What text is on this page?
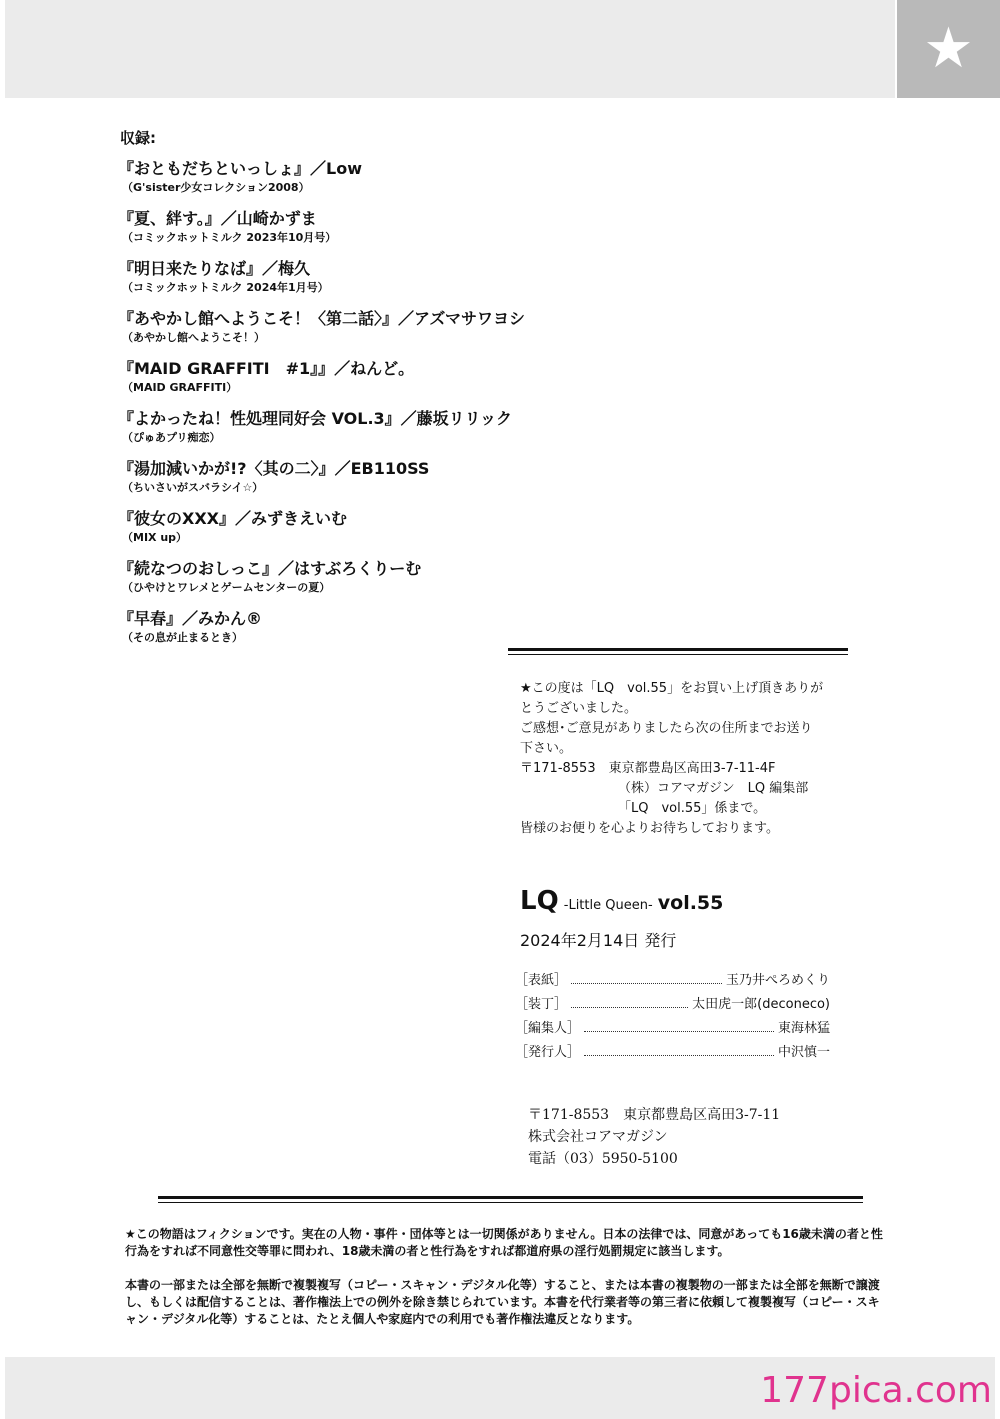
★
収録:
『おともだちといっしょ』／Low
（G'sister少女コレクション2008）
『夏、絆す。』／山崎かずま
（コミックホットミルク 2023年10月号）
『明日来たりなば』／梅久
（コミックホットミルク 2024年1月号）
『あやかし館へようこそ！〈第二話〉』／アズマサワヨシ
（あやかし館へようこそ！）
『MAID GRAFFITI　#1』』／ねんど。
（MAID GRAFFITI）
『よかったね！性処理同好会 VOL.3』／藤坂リリック
（ぴゅあプリ痴恋）
『湯加減いかが!?〈其の二〉』／EB110SS
（ちいさいがスバラシイ☆）
『彼女のXXX』／みずきえいむ
（MIX up）
『続なつのおしっこ』／はすぶろくりーむ
（ひやけとワレメとゲームセンターの夏）
『早春』／みかん®
（その息が止まるとき）

★この度は「LQ　vol.55」をお買い上げ頂きありが

とうございました。

ご感想･ご意見がありましたら次の住所までお送り

下さい。

〒171-8553　東京都豊島区高田3-7-11-4F

（株）コアマガジン　LQ 編集部

「LQ　vol.55」係まで。

皆様のお便りを心よりお待ちしております。

LQ -Little Queen- vol.55
2024年2月14日 発行
［表紙］	玉乃井ぺろめくり
［装丁］	太田虎一郎(deconeco)
［編集人］	東海林猛
［発行人］	中沢慎一
〒171-8553　東京都豊島区高田3-7-11
株式会社コアマガジン
電話（03）5950-5100

★この物語はフィクションです。実在の人物・事件・団体等とは一切関係がありません。日本の法律では、同意があっても16歳未満の者と性行為をすれば不同意性交等罪に問われ、18歳未満の者と性行為をすれば都道府県の淫行処罰規定に該当します。

本書の一部または全部を無断で複製複写（コピー・スキャン・デジタル化等）すること、または本書の複製物の一部または全部を無断で譲渡し、もしくは配信することは、著作権法上での例外を除き禁じられています。本書を代行業者等の第三者に依頼して複製複写（コピー・スキャン・デジタル化等）することは、たとえ個人や家庭内での利用でも著作権法違反となります。

177pica.com
